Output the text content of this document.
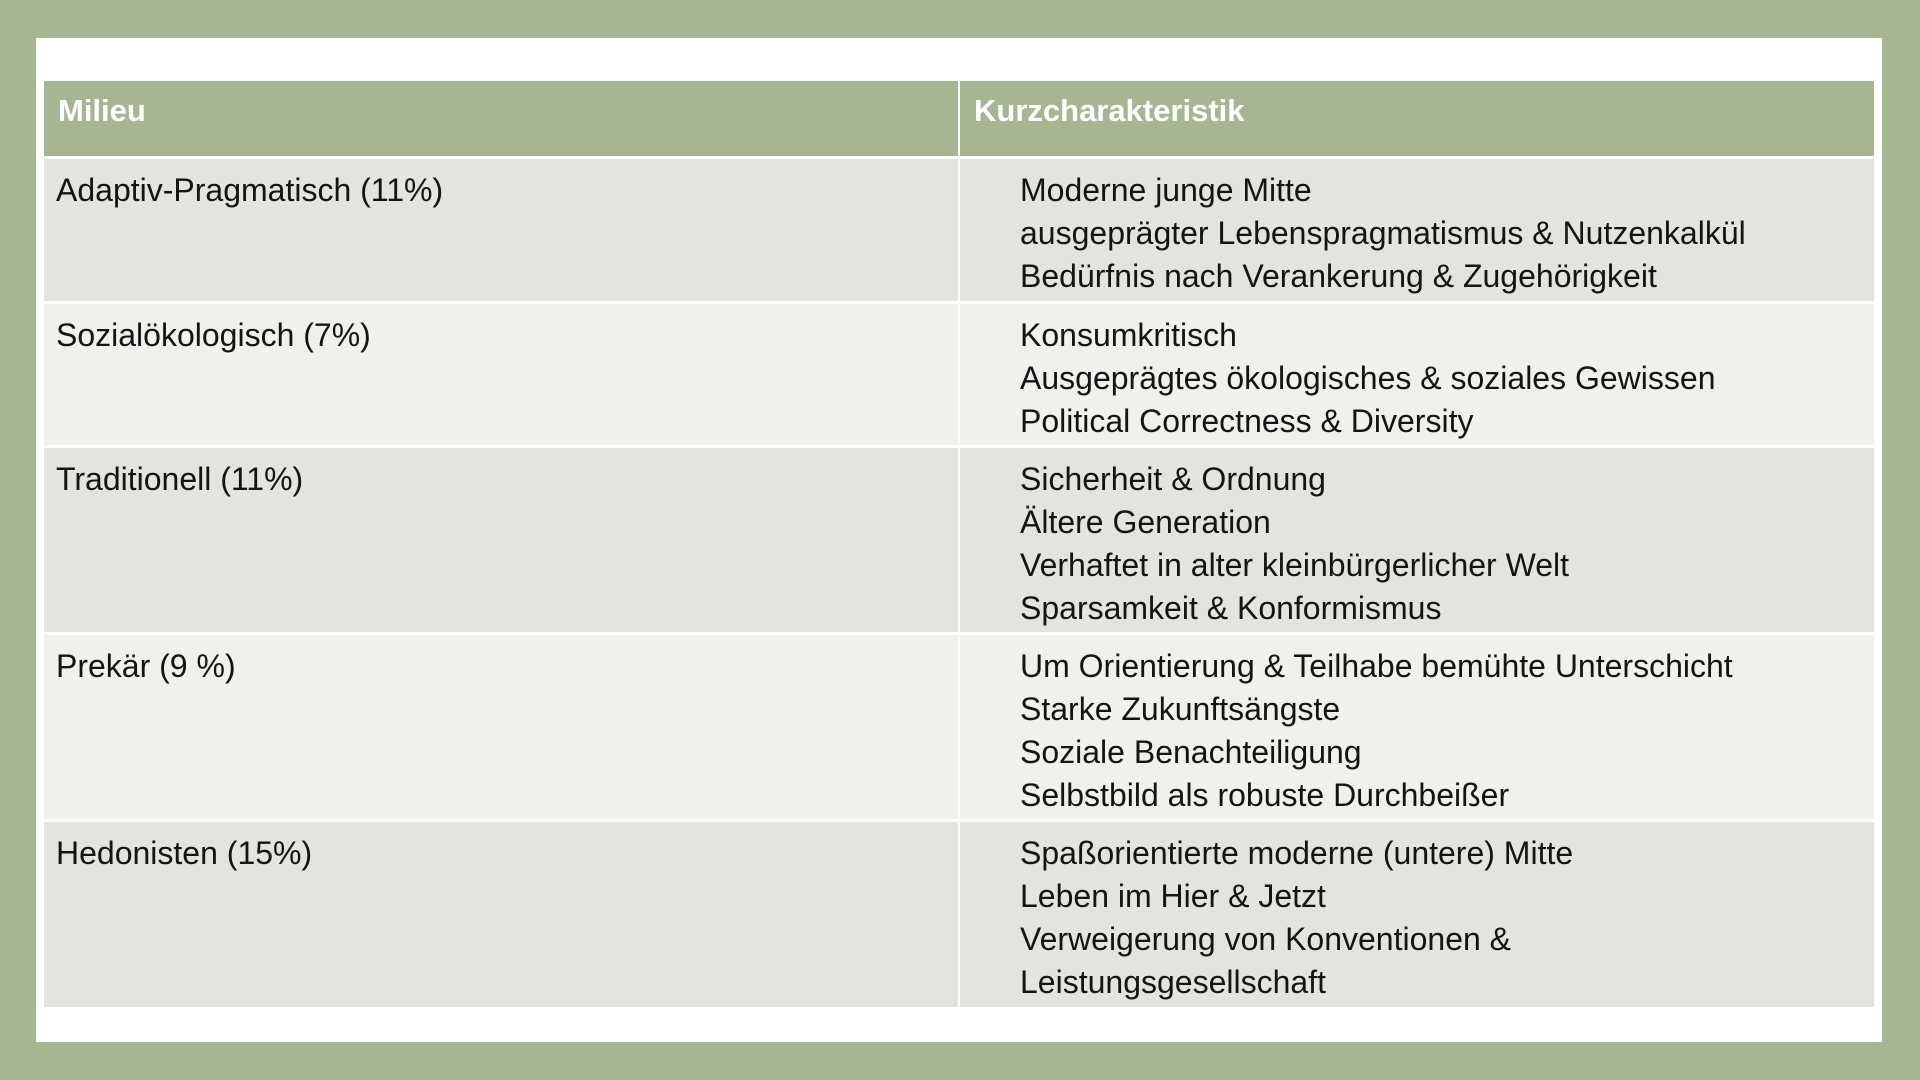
Milieu	Kurzcharakteristik
Adaptiv-Pragmatisch (11%)	Moderne junge Mitte
ausgeprägter Lebenspragmatismus & Nutzenkalkül
Bedürfnis nach Verankerung & Zugehörigkeit
Sozialökologisch (7%)	Konsumkritisch
Ausgeprägtes ökologisches & soziales Gewissen
Political Correctness & Diversity
Traditionell (11%)	Sicherheit & Ordnung
Ältere Generation
Verhaftet in alter kleinbürgerlicher Welt
Sparsamkeit & Konformismus
Prekär (9 %)	Um Orientierung & Teilhabe bemühte Unterschicht
Starke Zukunftsängste
Soziale Benachteiligung
Selbstbild als robuste Durchbeißer
Hedonisten (15%)	Spaßorientierte moderne (untere) Mitte
Leben im Hier & Jetzt
Verweigerung von Konventionen &
Leistungsgesellschaft
